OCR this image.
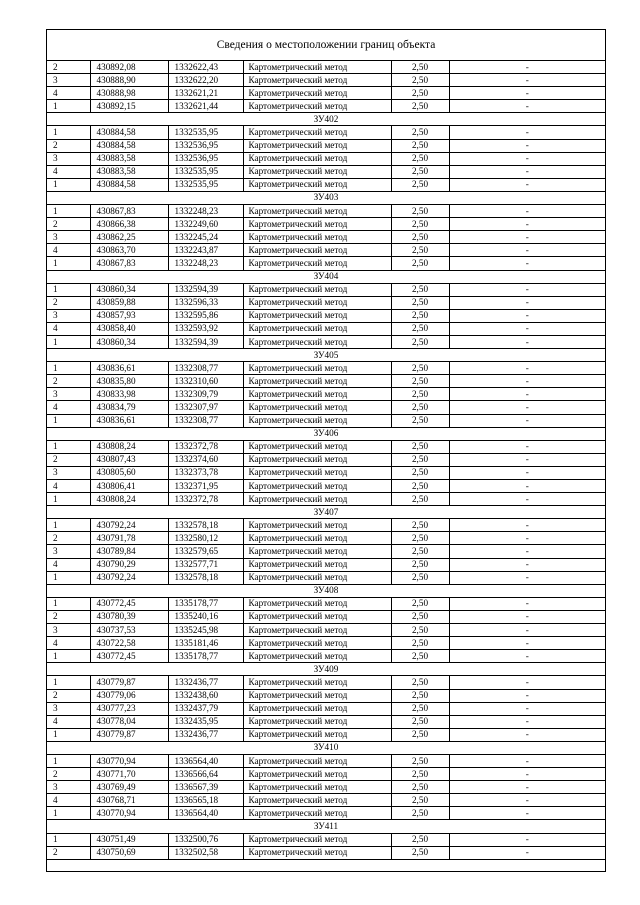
Сведения о местоположении границ объекта
2	430892,08	1332622,43	Картометрический метод	2,50	-
3	430888,90	1332622,20	Картометрический метод	2,50	-
4	430888,98	1332621,21	Картометрический метод	2,50	-
1	430892,15	1332621,44	Картометрический метод	2,50	-
ЗУ402					
1	430884,58	1332535,95	Картометрический метод	2,50	-
2	430884,58	1332536,95	Картометрический метод	2,50	-
3	430883,58	1332536,95	Картометрический метод	2,50	-
4	430883,58	1332535,95	Картометрический метод	2,50	-
1	430884,58	1332535,95	Картометрический метод	2,50	-
ЗУ403					
1	430867,83	1332248,23	Картометрический метод	2,50	-
2	430866,38	1332249,60	Картометрический метод	2,50	-
3	430862,25	1332245,24	Картометрический метод	2,50	-
4	430863,70	1332243,87	Картометрический метод	2,50	-
1	430867,83	1332248,23	Картометрический метод	2,50	-
ЗУ404					
1	430860,34	1332594,39	Картометрический метод	2,50	-
2	430859,88	1332596,33	Картометрический метод	2,50	-
3	430857,93	1332595,86	Картометрический метод	2,50	-
4	430858,40	1332593,92	Картометрический метод	2,50	-
1	430860,34	1332594,39	Картометрический метод	2,50	-
ЗУ405					
1	430836,61	1332308,77	Картометрический метод	2,50	-
2	430835,80	1332310,60	Картометрический метод	2,50	-
3	430833,98	1332309,79	Картометрический метод	2,50	-
4	430834,79	1332307,97	Картометрический метод	2,50	-
1	430836,61	1332308,77	Картометрический метод	2,50	-
ЗУ406					
1	430808,24	1332372,78	Картометрический метод	2,50	-
2	430807,43	1332374,60	Картометрический метод	2,50	-
3	430805,60	1332373,78	Картометрический метод	2,50	-
4	430806,41	1332371,95	Картометрический метод	2,50	-
1	430808,24	1332372,78	Картометрический метод	2,50	-
ЗУ407					
1	430792,24	1332578,18	Картометрический метод	2,50	-
2	430791,78	1332580,12	Картометрический метод	2,50	-
3	430789,84	1332579,65	Картометрический метод	2,50	-
4	430790,29	1332577,71	Картометрический метод	2,50	-
1	430792,24	1332578,18	Картометрический метод	2,50	-
ЗУ408					
1	430772,45	1335178,77	Картометрический метод	2,50	-
2	430780,39	1335240,16	Картометрический метод	2,50	-
3	430737,53	1335245,98	Картометрический метод	2,50	-
4	430722,58	1335181,46	Картометрический метод	2,50	-
1	430772,45	1335178,77	Картометрический метод	2,50	-
ЗУ409					
1	430779,87	1332436,77	Картометрический метод	2,50	-
2	430779,06	1332438,60	Картометрический метод	2,50	-
3	430777,23	1332437,79	Картометрический метод	2,50	-
4	430778,04	1332435,95	Картометрический метод	2,50	-
1	430779,87	1332436,77	Картометрический метод	2,50	-
ЗУ410					
1	430770,94	1336564,40	Картометрический метод	2,50	-
2	430771,70	1336566,64	Картометрический метод	2,50	-
3	430769,49	1336567,39	Картометрический метод	2,50	-
4	430768,71	1336565,18	Картометрический метод	2,50	-
1	430770,94	1336564,40	Картометрический метод	2,50	-
ЗУ411					
1	430751,49	1332500,76	Картометрический метод	2,50	-
2	430750,69	1332502,58	Картометрический метод	2,50	-
